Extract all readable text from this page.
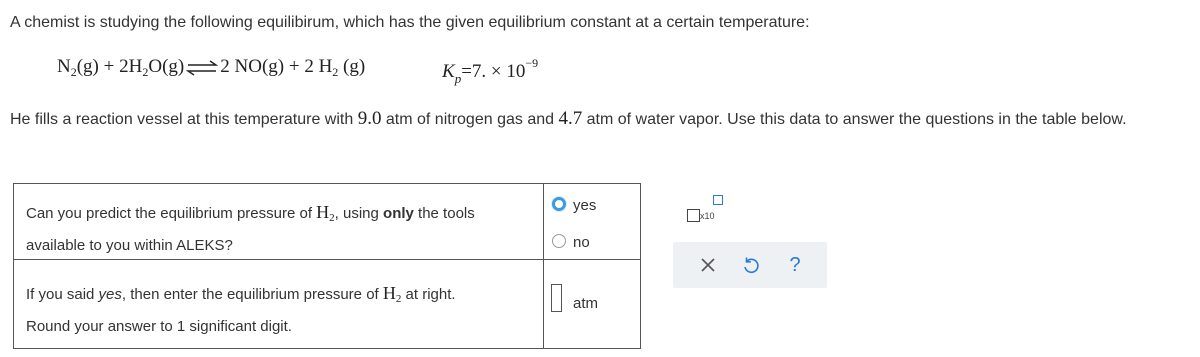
A chemist is studying the following equilibirum, which has the given equilibrium constant at a certain temperature:
$N_2(g) + 2H_2O(g)$ ⇌ 2 NO(g) + 2 $H_2$ (g)	$K_p=7$. × $10^{-9}$
He fills a reaction vessel at this temperature with 9.0 atm of nitrogen gas and 4.7 atm of water vapor. Use this data to answer the questions in the table below.
Can you predict the equilibrium pressure of $H_2$, using only the tools
available to you within ALEKS?
yes
no
If you said yes, then enter the equilibrium pressure of $H_2$ at right.
Round your answer to 1 significant digit.
atm
x10
?
